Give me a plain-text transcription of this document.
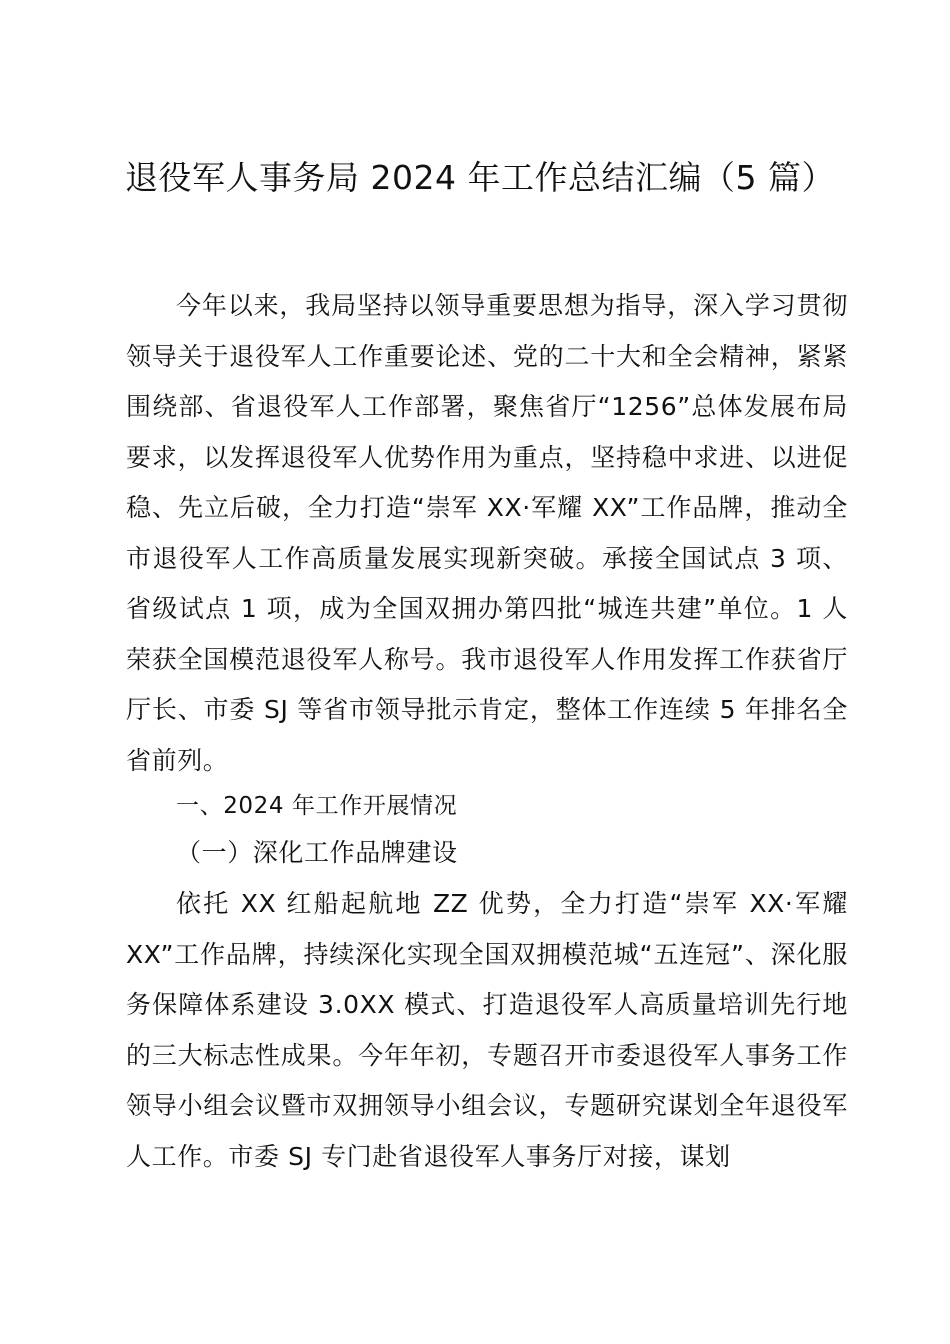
退役军人事务局 2024 年工作总结汇编（5 篇）

今年以来，我局坚持以领导重要思想为指导，深入学习贯彻领导关于退役军人工作重要论述、党的二十大和全会精神，紧紧围绕部、省退役军人工作部署，聚焦省厅“1256”总体发展布局要求，以发挥退役军人优势作用为重点，坚持稳中求进、以进促稳、先立后破，全力打造“崇军 XX·军耀 XX”工作品牌，推动全市退役军人工作高质量发展实现新突破。承接全国试点 3 项、省级试点 1 项，成为全国双拥办第四批“城连共建”单位。1 人荣获全国模范退役军人称号。我市退役军人作用发挥工作获省厅厅长、市委 SJ 等省市领导批示肯定，整体工作连续 5 年排名全省前列。

一、2024 年工作开展情况

（一）深化工作品牌建设

依托 XX 红船起航地 ZZ 优势，全力打造“崇军 XX·军耀 XX”工作品牌，持续深化实现全国双拥模范城“五连冠”、深化服务保障体系建设 3.0XX 模式、打造退役军人高质量培训先行地的三大标志性成果。今年年初，专题召开市委退役军人事务工作领导小组会议暨市双拥领导小组会议，专题研究谋划全年退役军人工作。市委 SJ 专门赴省退役军人事务厅对接，谋划
